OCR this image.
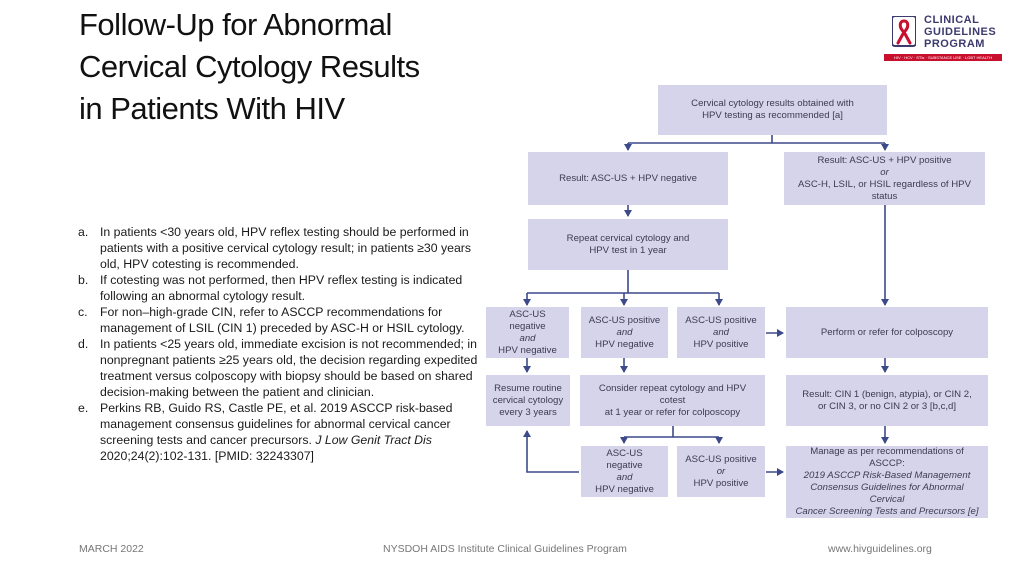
Follow-Up for Abnormal
Cervical Cytology Results
in Patients With HIV
CLINICAL
GUIDELINES
PROGRAM
HIV · HCV · STIs · SUBSTANCE USE · LGBT HEALTH
a. In patients <30 years old, HPV reflex testing should be performed in patients with a positive cervical cytology result; in patients ≥30 years old, HPV cotesting is recommended.
b. If cotesting was not performed, then HPV reflex testing is indicated following an abnormal cytology result.
c.	For non–high-grade CIN, refer to ASCCP recommendations for management of LSIL (CIN 1) preceded by ASC-H or HSIL cytology.
d. In patients <25 years old, immediate excision is not recommended; in nonpregnant patients ≥25 years old, the decision regarding expedited treatment versus colposcopy with biopsy should be based on shared decision-making between the patient and clinician.
e. Perkins RB, Guido RS, Castle PE, et al. 2019 ASCCP risk-based management consensus guidelines for abnormal cervical cancer screening tests and cancer precursors. J Low Genit Tract Dis 2020;24(2):102-131. [PMID: 32243307]
Cervical cytology results obtained with
HPV testing as recommended [a]
Result: ASC-US + HPV negative
Result: ASC-US + HPV positive
or
ASC-H, LSIL, or HSIL regardless of HPV status
Repeat cervical cytology and
HPV test in 1 year
ASC-US negative
and
HPV negative
ASC-US positive
and
HPV negative
ASC-US positive
and
HPV positive
Perform or refer for colposcopy
Resume routine
cervical cytology
every 3 years
Consider repeat cytology and HPV cotest
at 1 year or refer for colposcopy
Result: CIN 1 (benign, atypia), or CIN 2,
or CIN 3, or no CIN 2 or 3 [b,c,d]
ASC-US negative
and
HPV negative
ASC-US positive
or
HPV positive
Manage as per recommendations of ASCCP:
2019 ASCCP Risk-Based Management
Consensus Guidelines for Abnormal Cervical
Cancer Screening Tests and Precursors [e]
MARCH 2022	NYSDOH AIDS Institute Clinical Guidelines Program	www.hivguidelines.org
